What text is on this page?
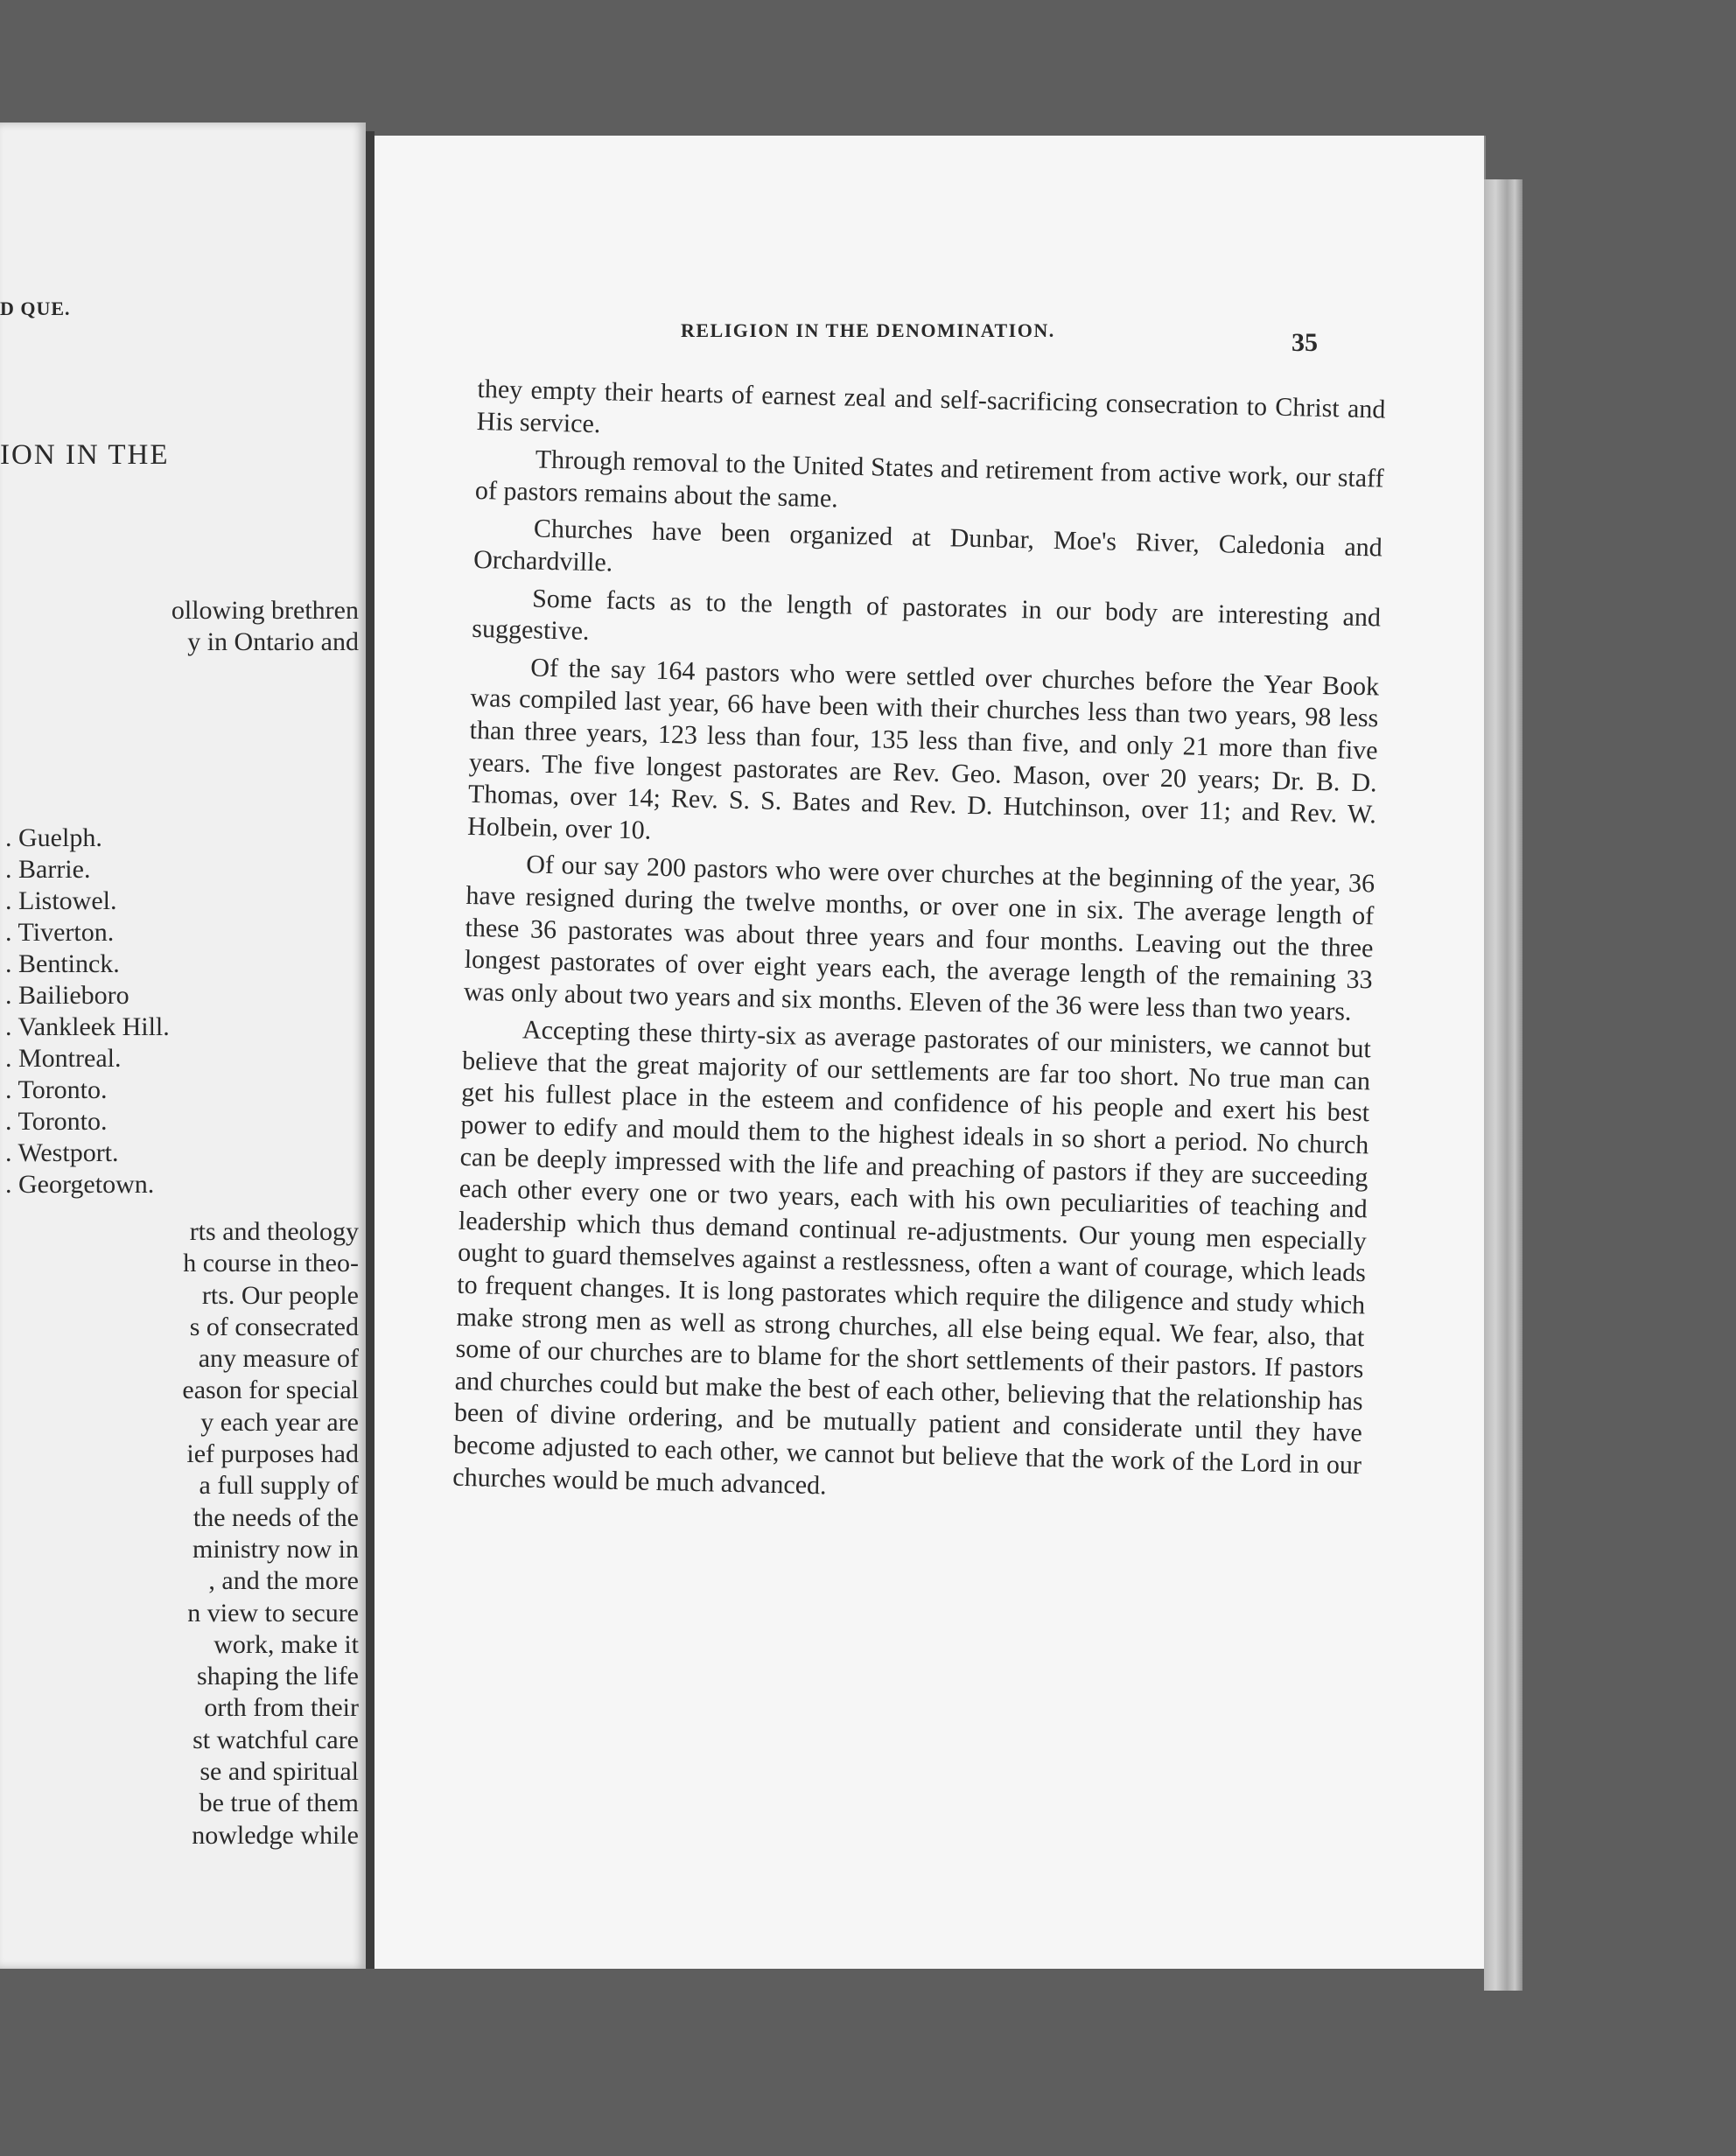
D QUE.
ION IN THE
ollowing brethren
y in Ontario and
. Guelph.
. Barrie.
. Listowel.
. Tiverton.
. Bentinck.
. Bailieboro
. Vankleek Hill.
. Montreal.
. Toronto.
. Toronto.
. Westport.
. Georgetown.
rts and theology
h course in theo-
rts. Our people
s of consecrated
any measure of
eason for special
y each year are
ief purposes had
a full supply of
the needs of the
ministry now in
, and the more
n view to secure
work, make it
shaping the life
orth from their
st watchful care
se and spiritual
be true of them
nowledge while
RELIGION IN THE DENOMINATION.	35

they empty their hearts of earnest zeal and self-sacrificing consecration to Christ and His service.

Through removal to the United States and retirement from active work, our staff of pastors remains about the same.

Churches have been organized at Dunbar, Moe's River, Caledonia and Orchardville.

Some facts as to the length of pastorates in our body are interesting and suggestive.

Of the say 164 pastors who were settled over churches before the Year Book was compiled last year, 66 have been with their churches less than two years, 98 less than three years, 123 less than four, 135 less than five, and only 21 more than five years. The five longest pastorates are Rev. Geo. Mason, over 20 years; Dr. B. D. Thomas, over 14; Rev. S. S. Bates and Rev. D. Hutchinson, over 11; and Rev. W. Holbein, over 10.

Of our say 200 pastors who were over churches at the beginning of the year, 36 have resigned during the twelve months, or over one in six. The average length of these 36 pastorates was about three years and four months. Leaving out the three longest pastorates of over eight years each, the average length of the remaining 33 was only about two years and six months. Eleven of the 36 were less than two years.

Accepting these thirty-six as average pastorates of our ministers, we cannot but believe that the great majority of our settlements are far too short. No true man can get his fullest place in the esteem and confidence of his people and exert his best power to edify and mould them to the highest ideals in so short a period. No church can be deeply impressed with the life and preaching of pastors if they are succeeding each other every one or two years, each with his own peculiarities of teaching and leadership which thus demand continual re-adjustments. Our young men especially ought to guard themselves against a restlessness, often a want of courage, which leads to frequent changes. It is long pastorates which require the diligence and study which make strong men as well as strong churches, all else being equal. We fear, also, that some of our churches are to blame for the short settlements of their pastors. If pastors and churches could but make the best of each other, believing that the relationship has been of divine ordering, and be mutually patient and considerate until they have become adjusted to each other, we cannot but believe that the work of the Lord in our churches would be much advanced.
